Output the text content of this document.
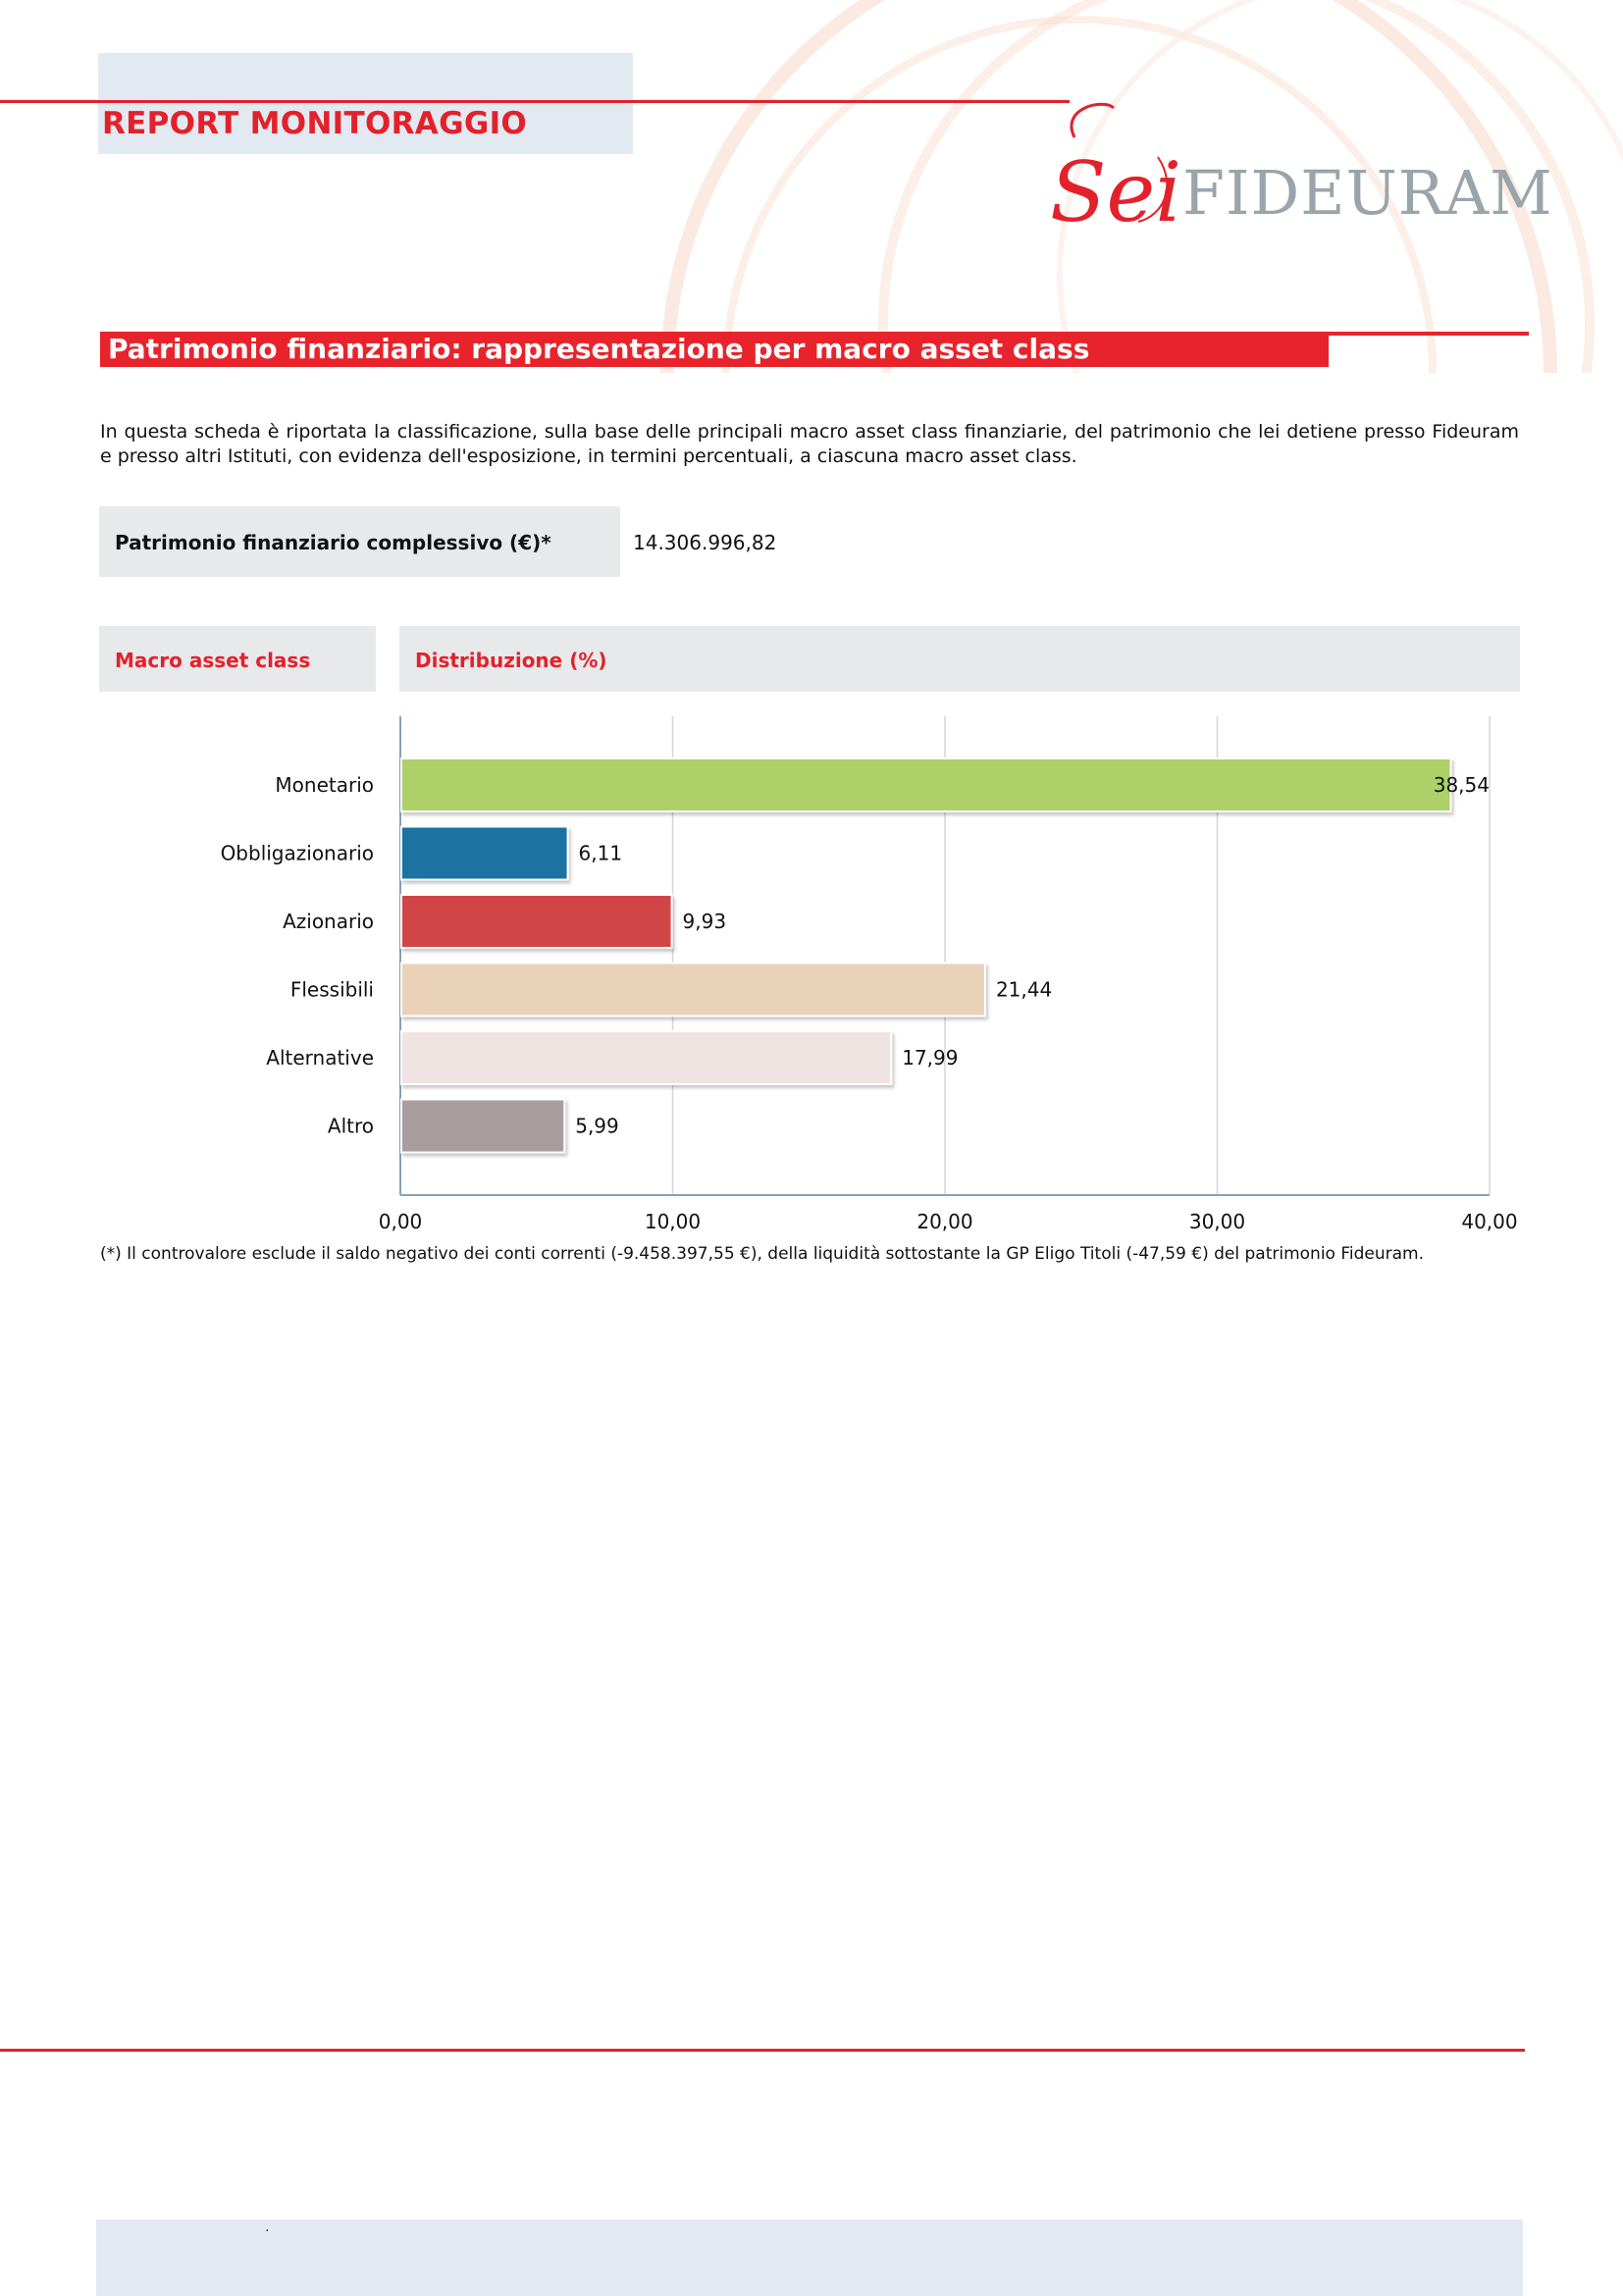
REPORT MONITORAGGIO
Sei FIDEURAM
Patrimonio finanziario: rappresentazione per macro asset class
In questa scheda è riportata la classificazione, sulla base delle principali macro asset class finanziarie, del patrimonio che lei detiene presso Fideuram e presso altri Istituti, con evidenza dell'esposizione, in termini percentuali, a ciascuna macro asset class.
Patrimonio finanziario complessivo (€)*	14.306.996,82
Macro asset class	Distribuzione (%)
0,00	10,00	20,00	30,00	40,00
Monetario	38,54
Obbligazionario	6,11
Azionario	9,93
Flessibili	21,44
Alternative	17,99
Altro	5,99
(*) Il controvalore esclude il saldo negativo dei conti correnti (-9.458.397,55 €), della liquidità sottostante la GP Eligo Titoli (-47,59 €) del patrimonio Fideuram.
.
